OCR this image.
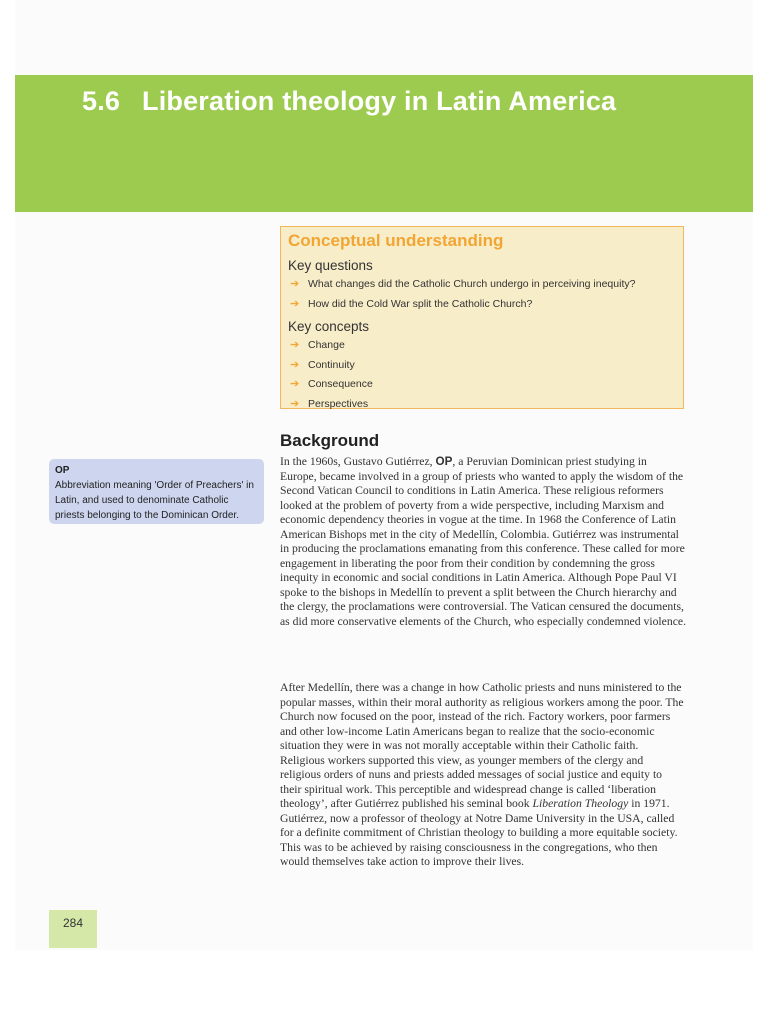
5.6 Liberation theology in Latin America

Conceptual understanding

Key questions

➔ What changes did the Catholic Church undergo in perceiving inequity?
➔ How did the Cold War split the Catholic Church?

Key concepts

➔ Change
➔ Continuity
➔ Consequence
➔ Perspectives
OP
Abbreviation meaning 'Order of Preachers' in Latin, and used to denominate Catholic priests belonging to the Dominican Order.
Background

In the 1960s, Gustavo Gutiérrez, OP, a Peruvian Dominican priest studying in Europe, became involved in a group of priests who wanted to apply the wisdom of the Second Vatican Council to conditions in Latin America. These religious reformers looked at the problem of poverty from a wide perspective, including Marxism and economic dependency theories in vogue at the time. In 1968 the Conference of Latin American Bishops met in the city of Medellín, Colombia. Gutiérrez was instrumental in producing the proclamations emanating from this conference. These called for more engagement in liberating the poor from their condition by condemning the gross inequity in economic and social conditions in Latin America. Although Pope Paul VI spoke to the bishops in Medellín to prevent a split between the Church hierarchy and the clergy, the proclamations were controversial. The Vatican censured the documents, as did more conservative elements of the Church, who especially condemned violence.

After Medellín, there was a change in how Catholic priests and nuns ministered to the popular masses, within their moral authority as religious workers among the poor. The Church now focused on the poor, instead of the rich. Factory workers, poor farmers and other low-income Latin Americans began to realize that the socio-economic situation they were in was not morally acceptable within their Catholic faith. Religious workers supported this view, as younger members of the clergy and religious orders of nuns and priests added messages of social justice and equity to their spiritual work. This perceptible and widespread change is called ‘liberation theology’, after Gutiérrez published his seminal book Liberation Theology in 1971. Gutiérrez, now a professor of theology at Notre Dame University in the USA, called for a definite commitment of Christian theology to building a more equitable society. This was to be achieved by raising consciousness in the congregations, who then would themselves take action to improve their lives.

284
